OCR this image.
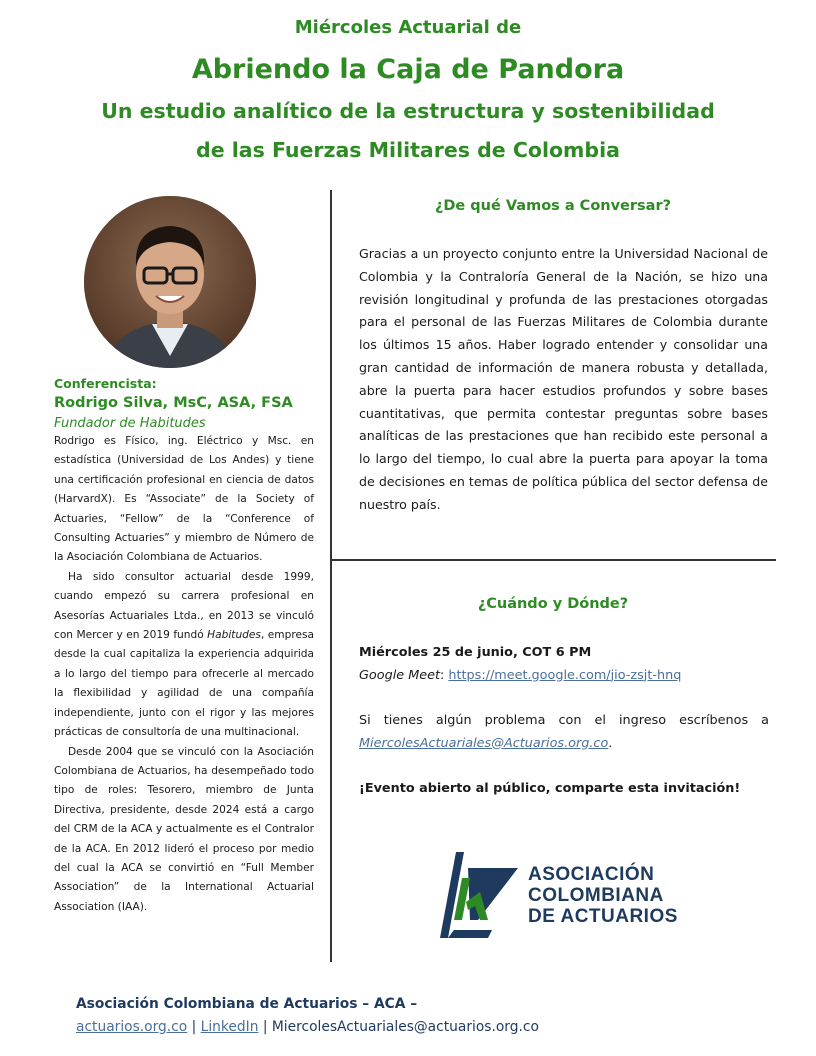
Miércoles Actuarial de
Abriendo la Caja de Pandora
Un estudio analítico de la estructura y sostenibilidad
de las Fuerzas Militares de Colombia
Conferencista:
Rodrigo Silva, MsC, ASA, FSA
Fundador de Habitudes

Rodrigo es Físico, ing. Eléctrico y Msc. en estadística (Universidad de Los Andes) y tiene una certificación profesional en ciencia de datos (HarvardX). Es “Associate” de la Society of Actuaries, “Fellow” de la “Conference of Consulting Actuaries” y miembro de Número de la Asociación Colombiana de Actuarios.

Ha sido consultor actuarial desde 1999, cuando empezó su carrera profesional en Asesorías Actuariales Ltda., en 2013 se vinculó con Mercer y en 2019 fundó Habitudes, empresa desde la cual capitaliza la experiencia adquirida a lo largo del tiempo para ofrecerle al mercado la flexibilidad y agilidad de una compañía independiente, junto con el rigor y las mejores prácticas de consultoría de una multinacional.

Desde 2004 que se vinculó con la Asociación Colombiana de Actuarios, ha desempeñado todo tipo de roles: Tesorero, miembro de Junta Directiva, presidente, desde 2024 está a cargo del CRM de la ACA y actualmente es el Contralor de la ACA. En 2012 lideró el proceso por medio del cual la ACA se convirtió en “Full Member Association” de la International Actuarial Association (IAA).

¿De qué Vamos a Conversar?
Gracias a un proyecto conjunto entre la Universidad Nacional de Colombia y la Contraloría General de la Nación, se hizo una revisión longitudinal y profunda de las prestaciones otorgadas para el personal de las Fuerzas Militares de Colombia durante los últimos 15 años. Haber logrado entender y consolidar una gran cantidad de información de manera robusta y detallada, abre la puerta para hacer estudios profundos y sobre bases cuantitativas, que permita contestar preguntas sobre bases analíticas de las prestaciones que han recibido este personal a lo largo del tiempo, lo cual abre la puerta para apoyar la toma de decisiones en temas de política pública del sector defensa de nuestro país.
¿Cuándo y Dónde?
Miércoles 25 de junio, COT 6 PM
Google Meet: https://meet.google.com/jio-zsjt-hnq
Si tienes algún problema con el ingreso escríbenos a MiercolesActuariales@Actuarios.org.co.
¡Evento abierto al público, comparte esta invitación!
ASOCIACIÓN
COLOMBIANA
DE ACTUARIOS
Asociación Colombiana de Actuarios – ACA –
actuarios.org.co | LinkedIn | MiercolesActuariales@actuarios.org.co
